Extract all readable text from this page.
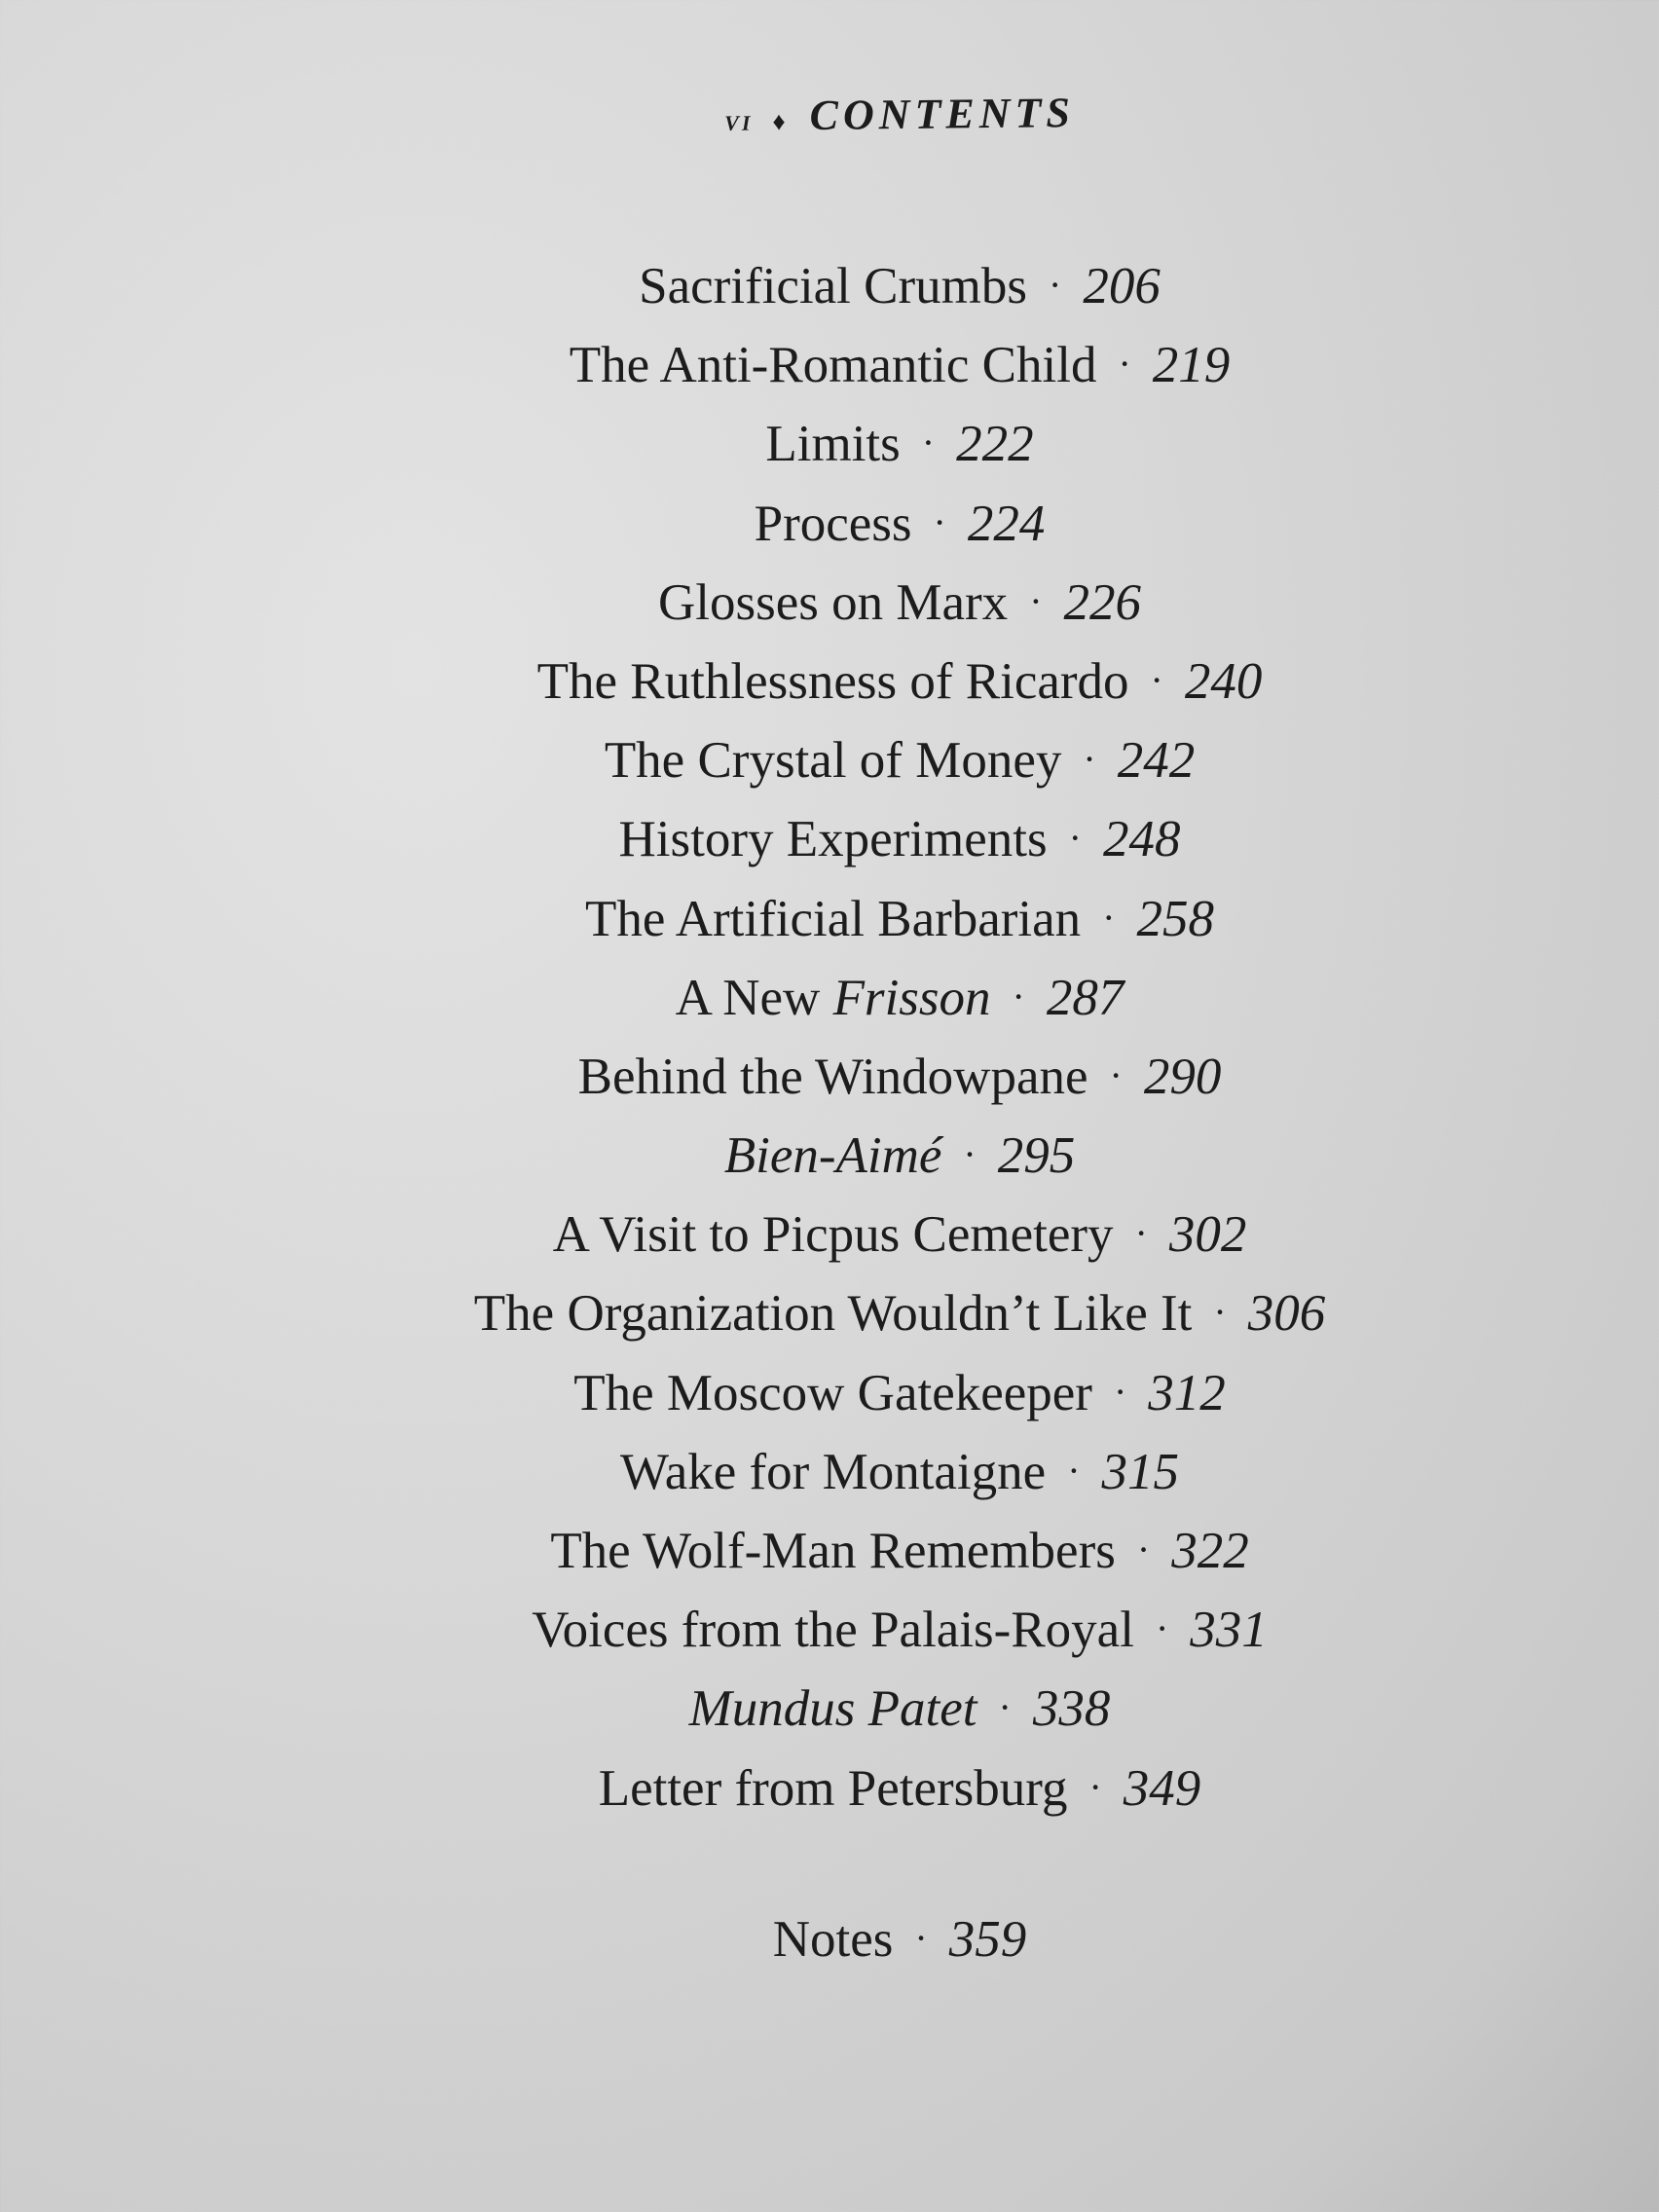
vi ♦ CONTENTS
Sacrificial Crumbs · 206
The Anti-Romantic Child · 219
Limits · 222
Process · 224
Glosses on Marx · 226
The Ruthlessness of Ricardo · 240
The Crystal of Money · 242
History Experiments · 248
The Artificial Barbarian · 258
A New Frisson · 287
Behind the Windowpane · 290
Bien-Aimé · 295
A Visit to Picpus Cemetery · 302
The Organization Wouldn’t Like It · 306
The Moscow Gatekeeper · 312
Wake for Montaigne · 315
The Wolf-Man Remembers · 322
Voices from the Palais-Royal · 331
Mundus Patet · 338
Letter from Petersburg · 349
Notes · 359
